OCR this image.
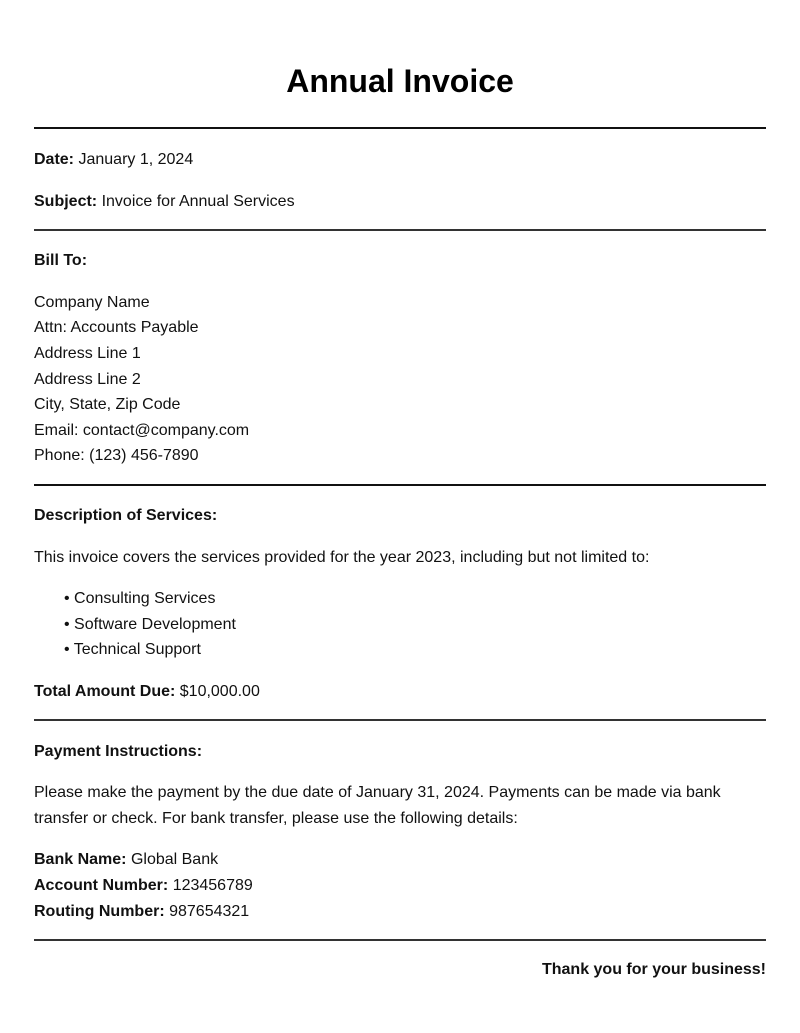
Annual Invoice
Date: January 1, 2024
Subject: Invoice for Annual Services
Bill To:
Company Name
Attn: Accounts Payable
Address Line 1
Address Line 2
City, State, Zip Code
Email: contact@company.com
Phone: (123) 456-7890
Description of Services:
This invoice covers the services provided for the year 2023, including but not limited to:
• Consulting Services
• Software Development
• Technical Support
Total Amount Due: $10,000.00
Payment Instructions:
Please make the payment by the due date of January 31, 2024. Payments can be made via bank
transfer or check. For bank transfer, please use the following details:
Bank Name: Global Bank
Account Number: 123456789
Routing Number: 987654321
Thank you for your business!
